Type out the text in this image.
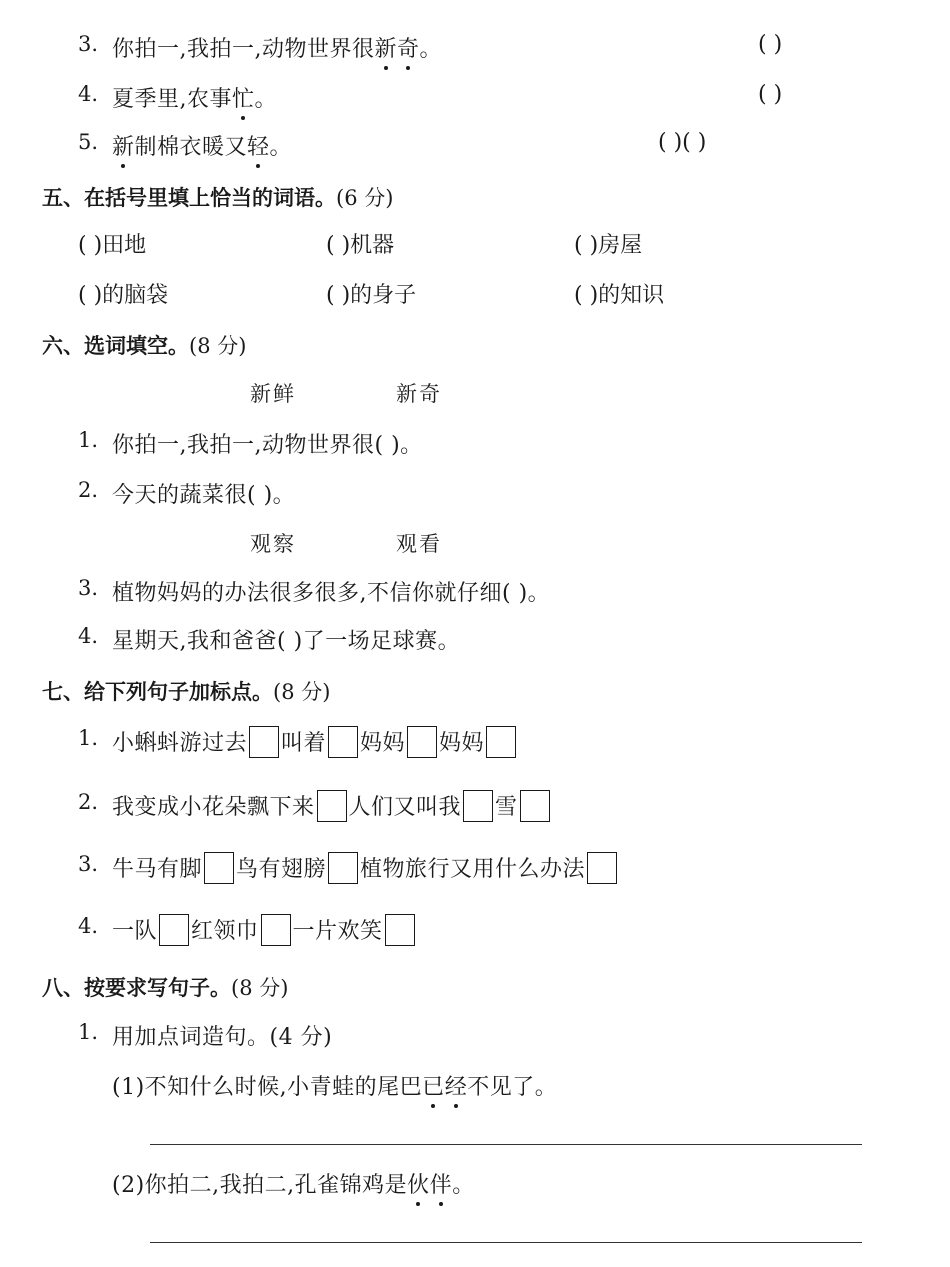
3. 你拍一,我拍一,动物世界很新奇。	( )
4. 夏季里,农事忙。	( )
5. 新制棉衣暖又轻。	( )( )
五、在括号里填上恰当的词语。(6 分)
( )田地	( )机器	( )房屋
( )的脑袋	( )的身子	( )的知识
六、选词填空。(8 分)
新鲜	新奇
1. 你拍一,我拍一,动物世界很( )。
2. 今天的蔬菜很( )。
观察	观看
3. 植物妈妈的办法很多很多,不信你就仔细( )。
4. 星期天,我和爸爸( )了一场足球赛。
七、给下列句子加标点。(8 分)
1. 小蝌蚪游过去 叫着 妈妈 妈妈
2. 我变成小花朵飘下来 人们又叫我 雪
3. 牛马有脚 鸟有翅膀 植物旅行又用什么办法
4. 一队 红领巾 一片欢笑
八、按要求写句子。(8 分)
1. 用加点词造句。(4 分)
(1)不知什么时候,小青蛙的尾巴已经不见了。
(2)你拍二,我拍二,孔雀锦鸡是伙伴。
